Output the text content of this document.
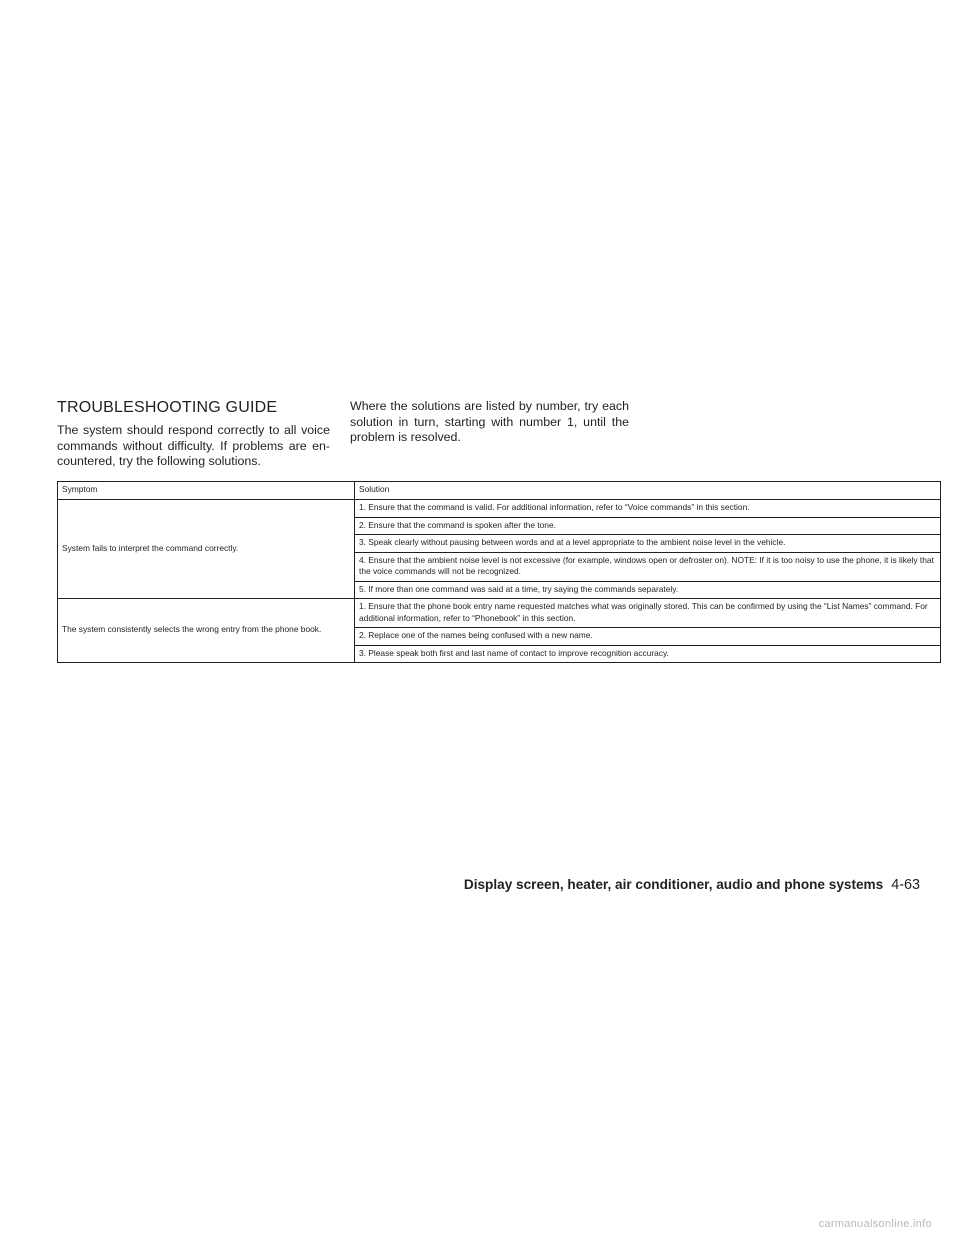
TROUBLESHOOTING GUIDE

The system should respond correctly to all voice commands without difficulty. If problems are en-countered, try the following solutions.

Where the solutions are listed by number, try each solution in turn, starting with number 1, until the problem is resolved.

Symptom	Solution
System fails to interpret the command correctly.	1. Ensure that the command is valid. For additional information, refer to “Voice commands” in this section.
	2. Ensure that the command is spoken after the tone.
	3. Speak clearly without pausing between words and at a level appropriate to the ambient noise level in the vehicle.
	4. Ensure that the ambient noise level is not excessive (for example, windows open or defroster on). NOTE: If it is too noisy to use the phone, it is likely that the voice commands will not be recognized.
	5. If more than one command was said at a time, try saying the commands separately.
The system consistently selects the wrong entry from the phone book.	1. Ensure that the phone book entry name requested matches what was originally stored. This can be confirmed by using the “List Names” command. For additional information, refer to “Phonebook” in this section.
	2. Replace one of the names being confused with a new name.
	3. Please speak both first and last name of contact to improve recognition accuracy.
Display screen, heater, air conditioner, audio and phone systems 4-63
carmanualsonline.info
